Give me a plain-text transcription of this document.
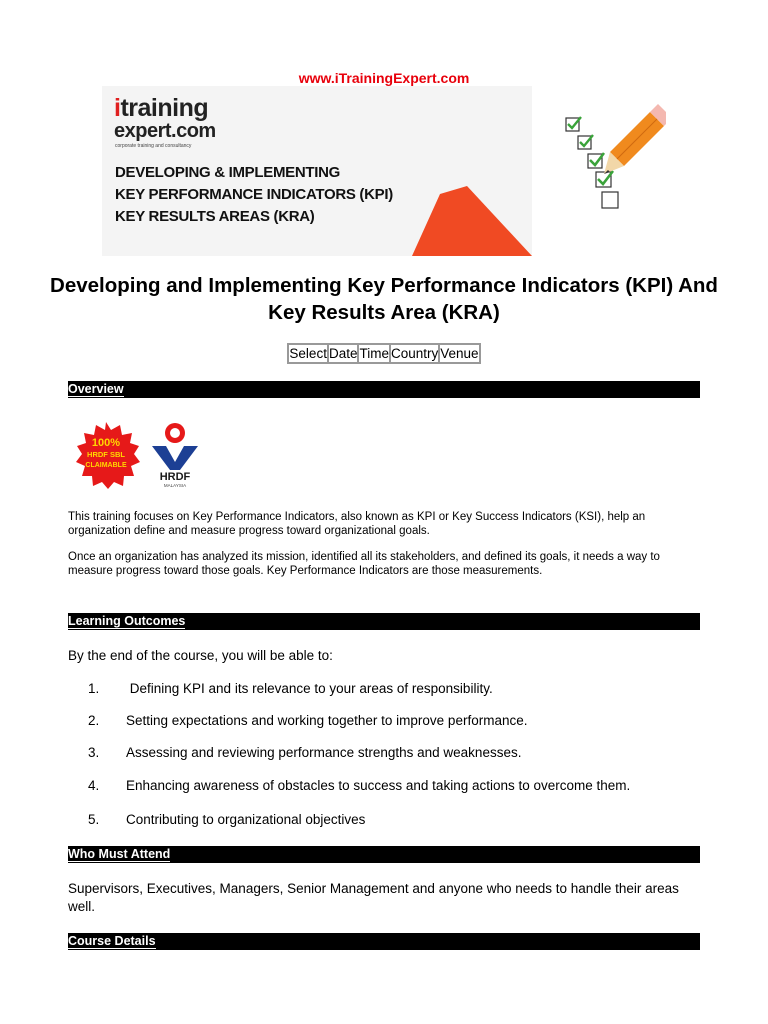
www.iTrainingExpert.com
itraining
expert.com
corporate training and consultancy
DEVELOPING & IMPLEMENTING
KEY PERFORMANCE INDICATORS (KPI)
KEY RESULTS AREAS (KRA)
Developing and Implementing Key Performance Indicators (KPI) And Key Results Area (KRA)
Select	Date	Time	Country	Venue
Overview
100%
HRDF SBL
CLAIMABLE
HRDF
MALAYSIA
This training focuses on Key Performance Indicators, also known as KPI or Key Success Indicators (KSI), help an organization define and measure progress toward organizational goals.
Once an organization has analyzed its mission, identified all its stakeholders, and defined its goals, it needs a way to measure progress toward those goals. Key Performance Indicators are those measurements.
Learning Outcomes
By the end of the course, you will be able to:
1. Defining KPI and its relevance to your areas of responsibility.
2. Setting expectations and working together to improve performance.
3. Assessing and reviewing performance strengths and weaknesses.
4. Enhancing awareness of obstacles to success and taking actions to overcome them.
5. Contributing to organizational objectives
Who Must Attend
Supervisors, Executives, Managers, Senior Management and anyone who needs to handle their areas well.
Course Details
